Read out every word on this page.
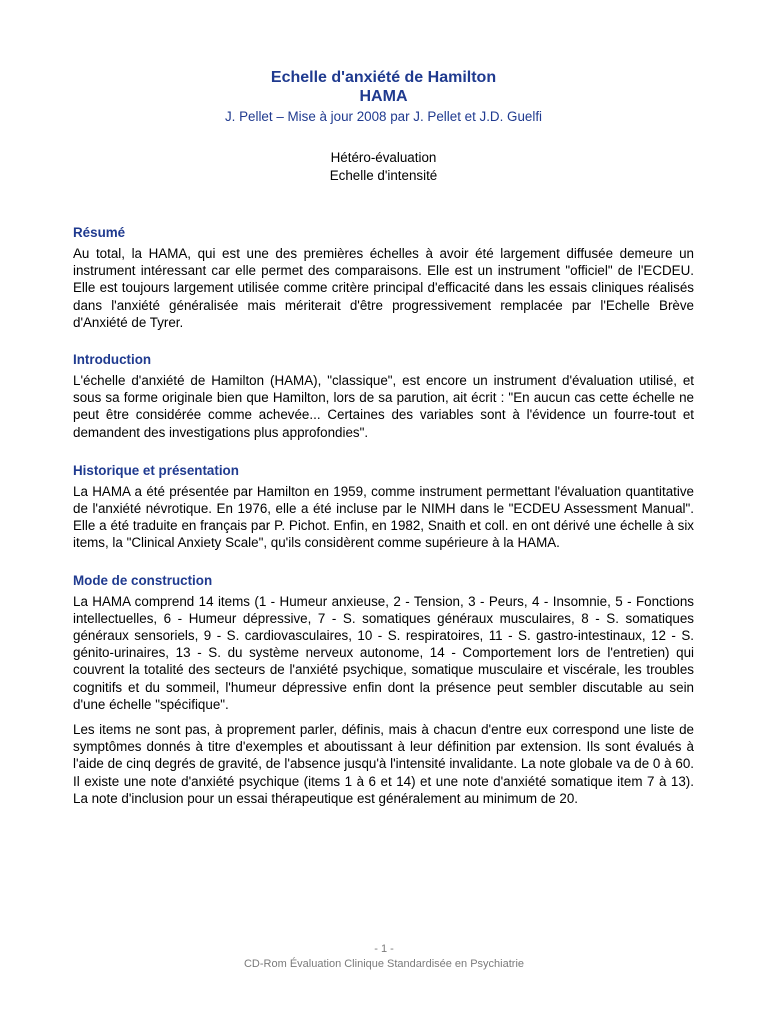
Echelle d'anxiété de Hamilton
HAMA

J. Pellet – Mise à jour 2008 par J. Pellet et J.D. Guelfi

Hétéro-évaluation

Echelle d'intensité

Résumé

Au total, la HAMA, qui est une des premières échelles à avoir été largement diffusée demeure un instrument intéressant car elle permet des comparaisons. Elle est un instrument "officiel" de l'ECDEU. Elle est toujours largement utilisée comme critère principal d'efficacité dans les essais cliniques réalisés dans l'anxiété généralisée mais mériterait d'être progressivement remplacée par l'Echelle Brève d'Anxiété de Tyrer.

Introduction

L'échelle d'anxiété de Hamilton (HAMA), "classique", est encore un instrument d'évaluation utilisé, et sous sa forme originale bien que Hamilton, lors de sa parution, ait écrit : "En aucun cas cette échelle ne peut être considérée comme achevée... Certaines des variables sont à l'évidence un fourre-tout et demandent des investigations plus approfondies".

Historique et présentation

La HAMA a été présentée par Hamilton en 1959, comme instrument permettant l'évaluation quantitative de l'anxiété névrotique. En 1976, elle a été incluse par le NIMH dans le "ECDEU Assessment Manual". Elle a été traduite en français par P. Pichot. Enfin, en 1982, Snaith et coll. en ont dérivé une échelle à six items, la "Clinical Anxiety Scale", qu'ils considèrent comme supérieure à la HAMA.

Mode de construction

La HAMA comprend 14 items (1 - Humeur anxieuse, 2 - Tension, 3 - Peurs, 4 - Insomnie, 5 - Fonctions intellectuelles, 6 - Humeur dépressive, 7 - S. somatiques généraux musculaires, 8 - S. somatiques généraux sensoriels, 9 - S. cardiovasculaires, 10 - S. respiratoires, 11 - S. gastro-intestinaux, 12 - S. génito-urinaires, 13 - S. du système nerveux autonome, 14 - Comportement lors de l'entretien) qui couvrent la totalité des secteurs de l'anxiété psychique, somatique musculaire et viscérale, les troubles cognitifs et du sommeil, l'humeur dépressive enfin dont la présence peut sembler discutable au sein d'une échelle "spécifique".

Les items ne sont pas, à proprement parler, définis, mais à chacun d'entre eux correspond une liste de symptômes donnés à titre d'exemples et aboutissant à leur définition par extension. Ils sont évalués à l'aide de cinq degrés de gravité, de l'absence jusqu'à l'intensité invalidante. La note globale va de 0 à 60. Il existe une note d'anxiété psychique (items 1 à 6 et 14) et une note d'anxiété somatique item 7 à 13). La note d'inclusion pour un essai thérapeutique est généralement au minimum de 20.

- 1 -
CD-Rom Évaluation Clinique Standardisée en Psychiatrie
